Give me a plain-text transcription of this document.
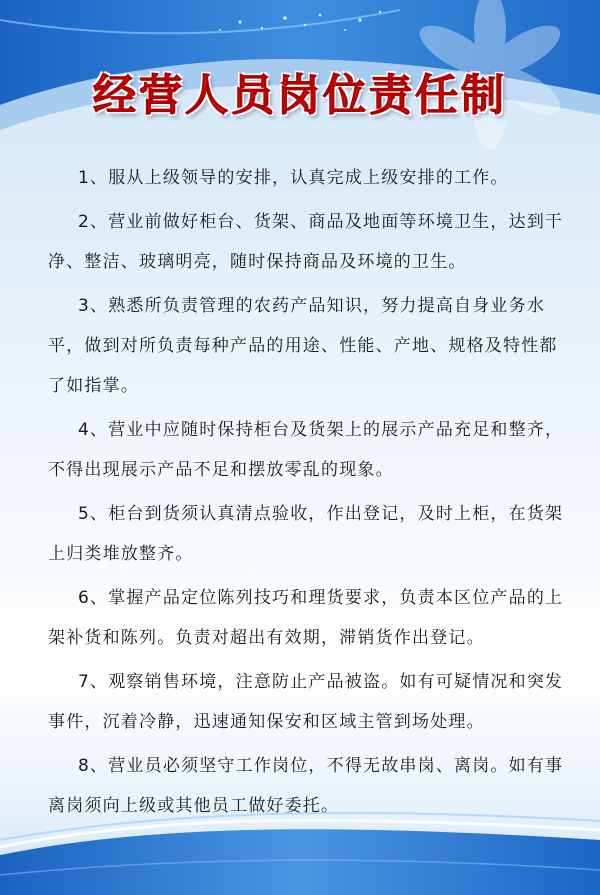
经营人员岗位责任制
1、服从上级领导的安排，认真完成上级安排的工作。
2、营业前做好柜台、货架、商品及地面等环境卫生，达到干净、整洁、玻璃明亮，随时保持商品及环境的卫生。
3、熟悉所负责管理的农药产品知识，努力提高自身业务水平，做到对所负责每种产品的用途、性能、产地、规格及特性都了如指掌。
4、营业中应随时保持柜台及货架上的展示产品充足和整齐，不得出现展示产品不足和摆放零乱的现象。
5、柜台到货须认真清点验收，作出登记，及时上柜，在货架上归类堆放整齐。
6、掌握产品定位陈列技巧和理货要求，负责本区位产品的上架补货和陈列。负责对超出有效期，滞销货作出登记。
7、观察销售环境，注意防止产品被盗。如有可疑情况和突发事件，沉着冷静，迅速通知保安和区域主管到场处理。
8、营业员必须坚守工作岗位，不得无故串岗、离岗。如有事离岗须向上级或其他员工做好委托。
